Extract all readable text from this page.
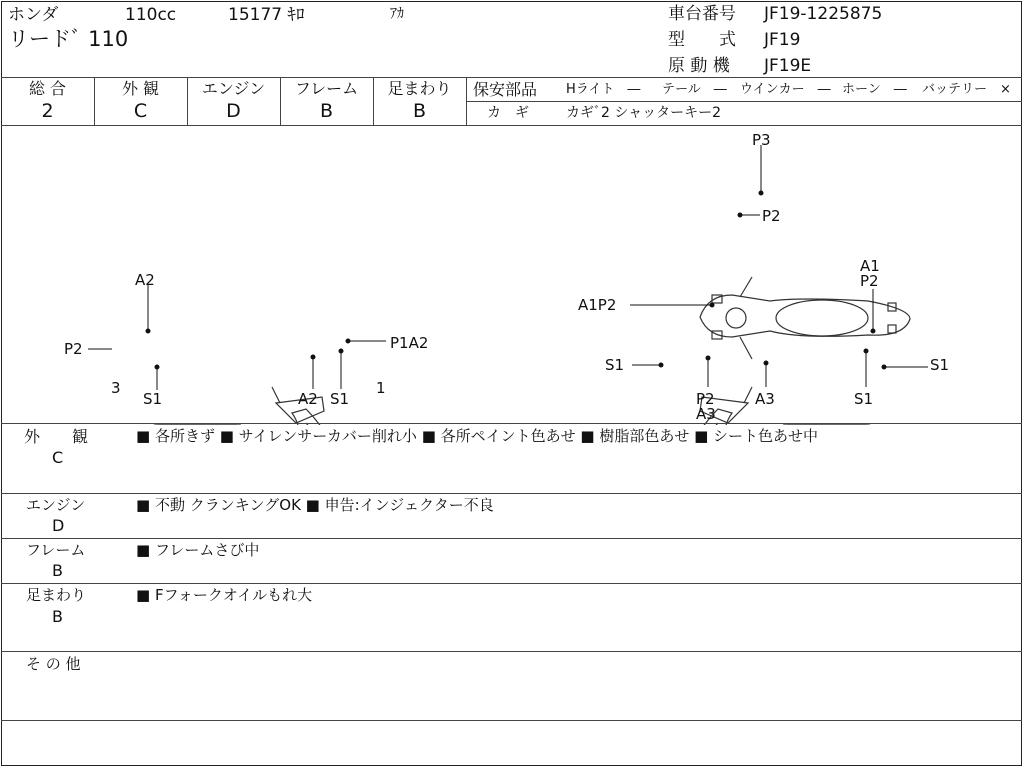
ホンダ	110cc	15177 ｷﾛ	ｱｶ
リードﾞ 110
車台番号 JF19-1225875
型　　式 JF19
原 動 機 JF19E
総 合
2
外 観
C
エンジン
D
フレーム
B
足まわり
B
保安部品 Hライト　― テール　― ウインカー　― ホーン　― バッテリー　×
カ　ギ	カギﾞ2 シャッターキー2
A2
P2
3
S1
P1A2
A2 S1
1
P3
P2
A1
P2
A1P2
S1
P2
A3
A3	S1
S1
外　　観
C
■ 各所きず ■ サイレンサーカバー削れ小 ■ 各所ペイント色あせ ■ 樹脂部色あせ ■ シート色あせ中
エンジン
D
■ 不動 クランキングOK ■ 申告:インジェクター不良
フレーム
B
■ フレームさび中
足まわり
B
■ Fフォークオイルもれ大
そ の 他
